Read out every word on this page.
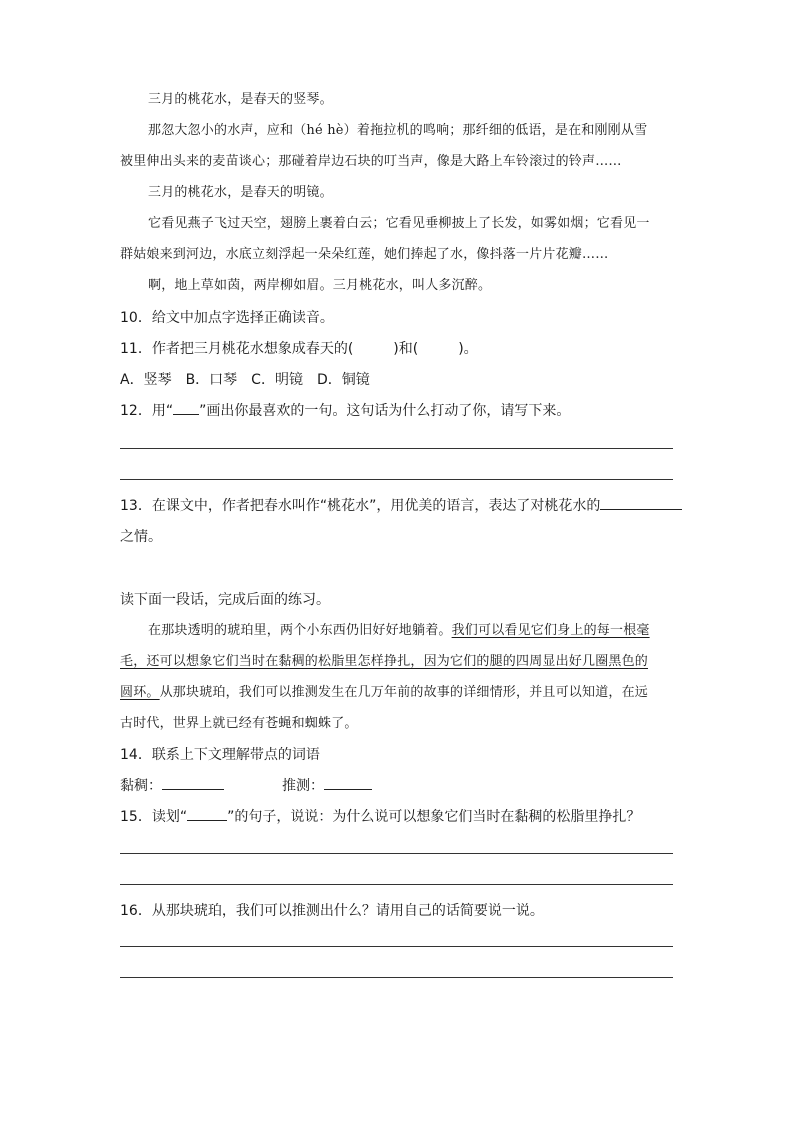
三月的桃花水，是春天的竖琴。
那忽大忽小的水声，应和（hé hè）着拖拉机的鸣响；那纤细的低语，是在和刚刚从雪
被里伸出头来的麦苗谈心；那碰着岸边石块的叮当声，像是大路上车铃滚过的铃声……
三月的桃花水，是春天的明镜。
它看见燕子飞过天空，翅膀上裹着白云；它看见垂柳披上了长发，如雾如烟；它看见一
群姑娘来到河边，水底立刻浮起一朵朵红莲，她们捧起了水，像抖落一片片花瓣……
啊，地上草如茵，两岸柳如眉。三月桃花水，叫人多沉醉。
10．给文中加点字选择正确读音。
11．作者把三月桃花水想象成春天的(	)和(	)。
A．竖琴　B．口琴　C．明镜　D．铜镜
12．用“ ”画出你最喜欢的一句。这句话为什么打动了你，请写下来。
13．在课文中，作者把春水叫作“桃花水”，用优美的语言，表达了对桃花水的
之情。
读下面一段话，完成后面的练习。
在那块透明的琥珀里，两个小东西仍旧好好地躺着。我们可以看见它们身上的每一根毫
毛，还可以想象它们当时在黏稠的松脂里怎样挣扎，因为它们的腿的四周显出好几圈黑色的
圆环。从那块琥珀，我们可以推测发生在几万年前的故事的详细情形，并且可以知道，在远
古时代，世界上就已经有苍蝇和蜘蛛了。
14．联系上下文理解带点的词语
黏稠：	推测：
15．读划“	”的句子，说说：为什么说可以想象它们当时在黏稠的松脂里挣扎？
16．从那块琥珀，我们可以推测出什么？请用自己的话简要说一说。
